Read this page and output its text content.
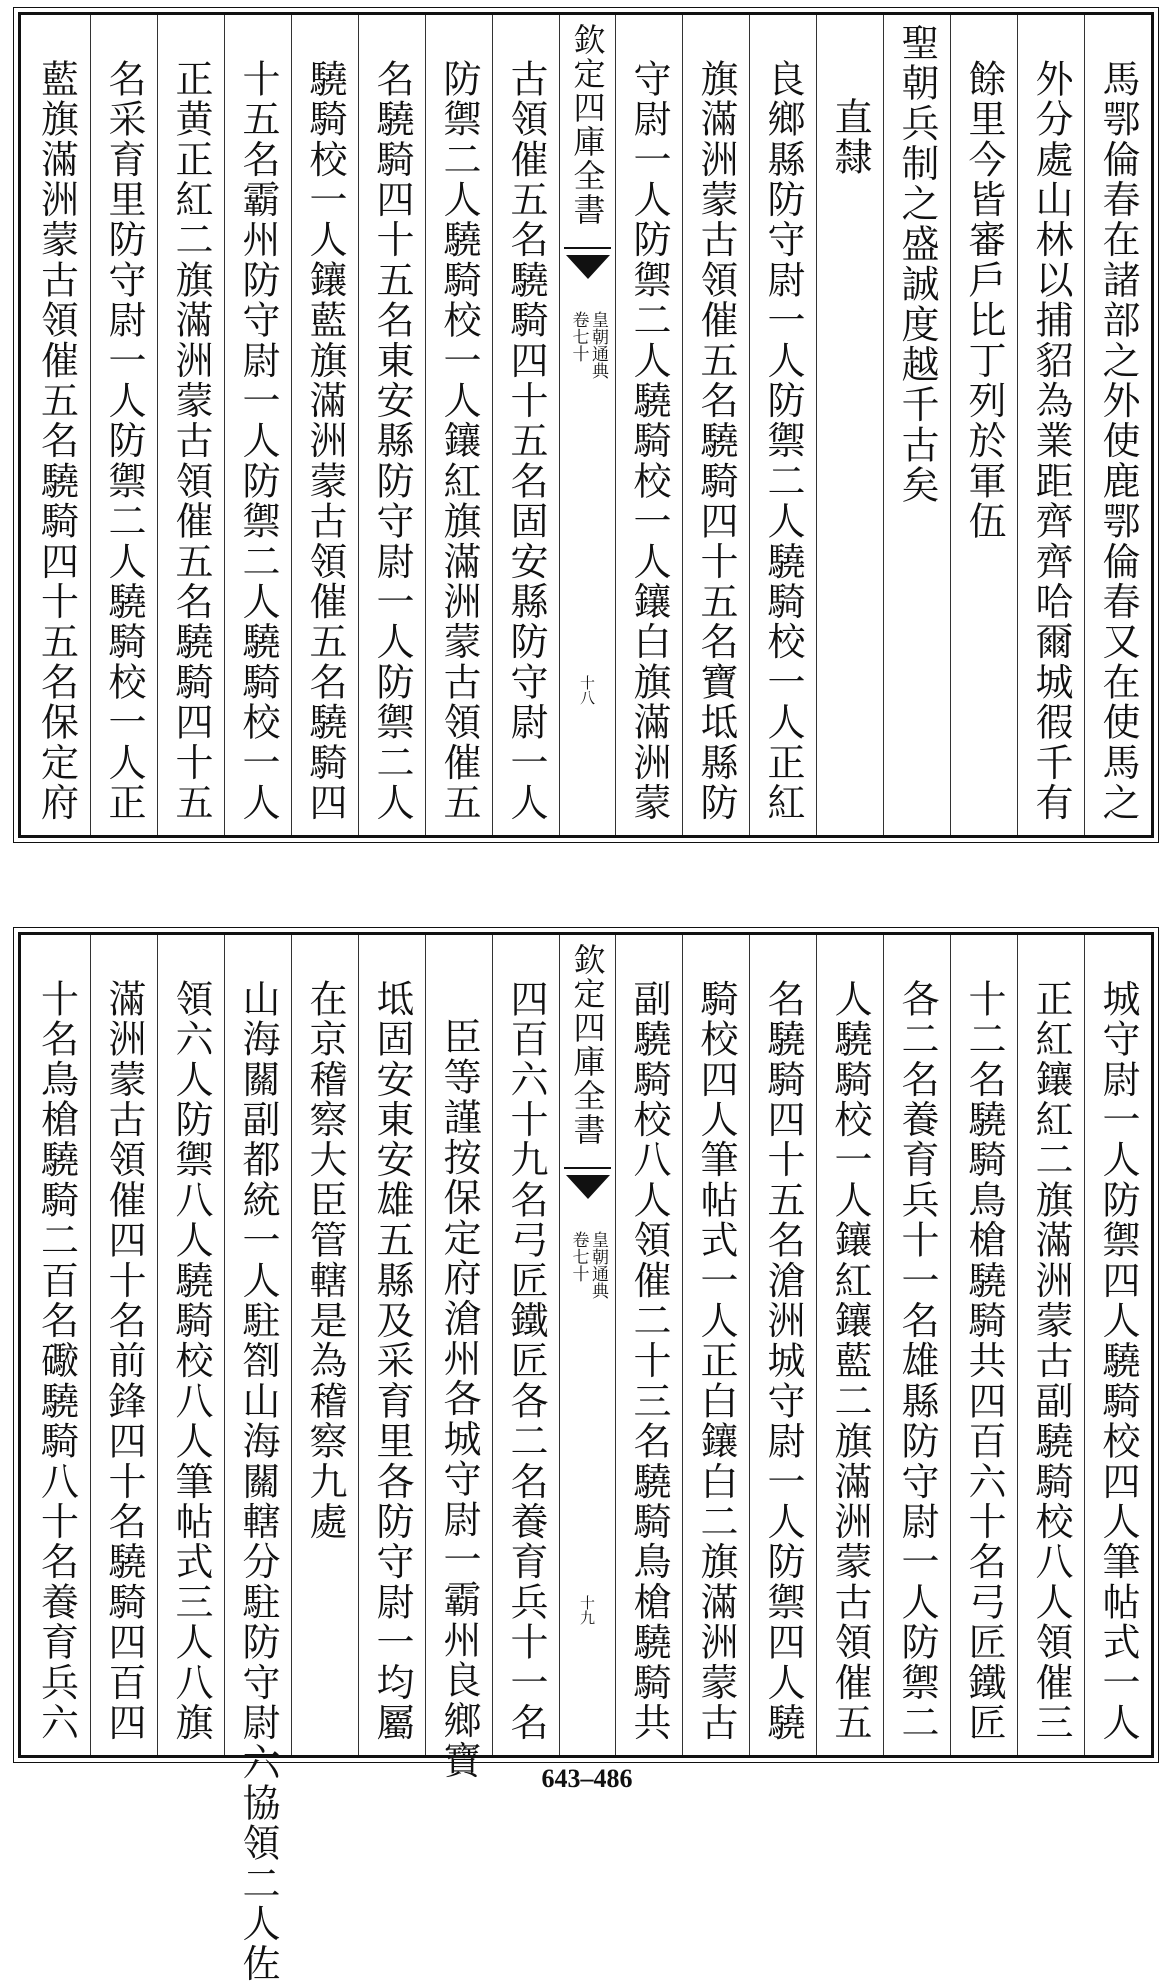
馬鄂倫春在諸部之外使鹿鄂倫春又在使馬之
外分處山林以捕貂為業距齊齊哈爾城徦千有
餘里今皆審戶比丁列於軍伍
聖朝兵制之盛誠度越千古矣
直隸
良鄉縣防守尉一人防禦二人驍騎校一人正紅
旗滿洲蒙古領催五名驍騎四十五名寶坻縣防
守尉一人防禦二人驍騎校一人鑲白旗滿洲蒙
欽定四庫全書
皇朝通典
卷七十
十八
古領催五名驍騎四十五名固安縣防守尉一人
防禦二人驍騎校一人鑲紅旗滿洲蒙古領催五
名驍騎四十五名東安縣防守尉一人防禦二人
驍騎校一人鑲藍旗滿洲蒙古領催五名驍騎四
十五名霸州防守尉一人防禦二人驍騎校一人
正黄正紅二旗滿洲蒙古領催五名驍騎四十五
名采育里防守尉一人防禦二人驍騎校一人正
藍旗滿洲蒙古領催五名驍騎四十五名保定府
城守尉一人防禦四人驍騎校四人筆帖式一人
正紅鑲紅二旗滿洲蒙古副驍騎校八人領催三
十二名驍騎鳥槍驍騎共四百六十名弓匠鐵匠
各二名養育兵十一名雄縣防守尉一人防禦二
人驍騎校一人鑲紅鑲藍二旗滿洲蒙古領催五
名驍騎四十五名滄洲城守尉一人防禦四人驍
騎校四人筆帖式一人正白鑲白二旗滿洲蒙古
副驍騎校八人領催二十三名驍騎鳥槍驍騎共
欽定四庫全書
皇朝通典
卷七十
十九
四百六十九名弓匠鐵匠各二名養育兵十一名
臣等謹按保定府滄州各城守尉一霸州良鄉寶
坻固安東安雄五縣及采育里各防守尉一均屬
在京稽察大臣管轄是為稽察九處
山海關副都統一人駐劄山海關轄分駐防守尉六協領二人佐
領六人防禦八人驍騎校八人筆帖式三人八旗
滿洲蒙古領催四十名前鋒四十名驍騎四百四
十名鳥槍驍騎二百名礮驍騎八十名養育兵六
643–486
